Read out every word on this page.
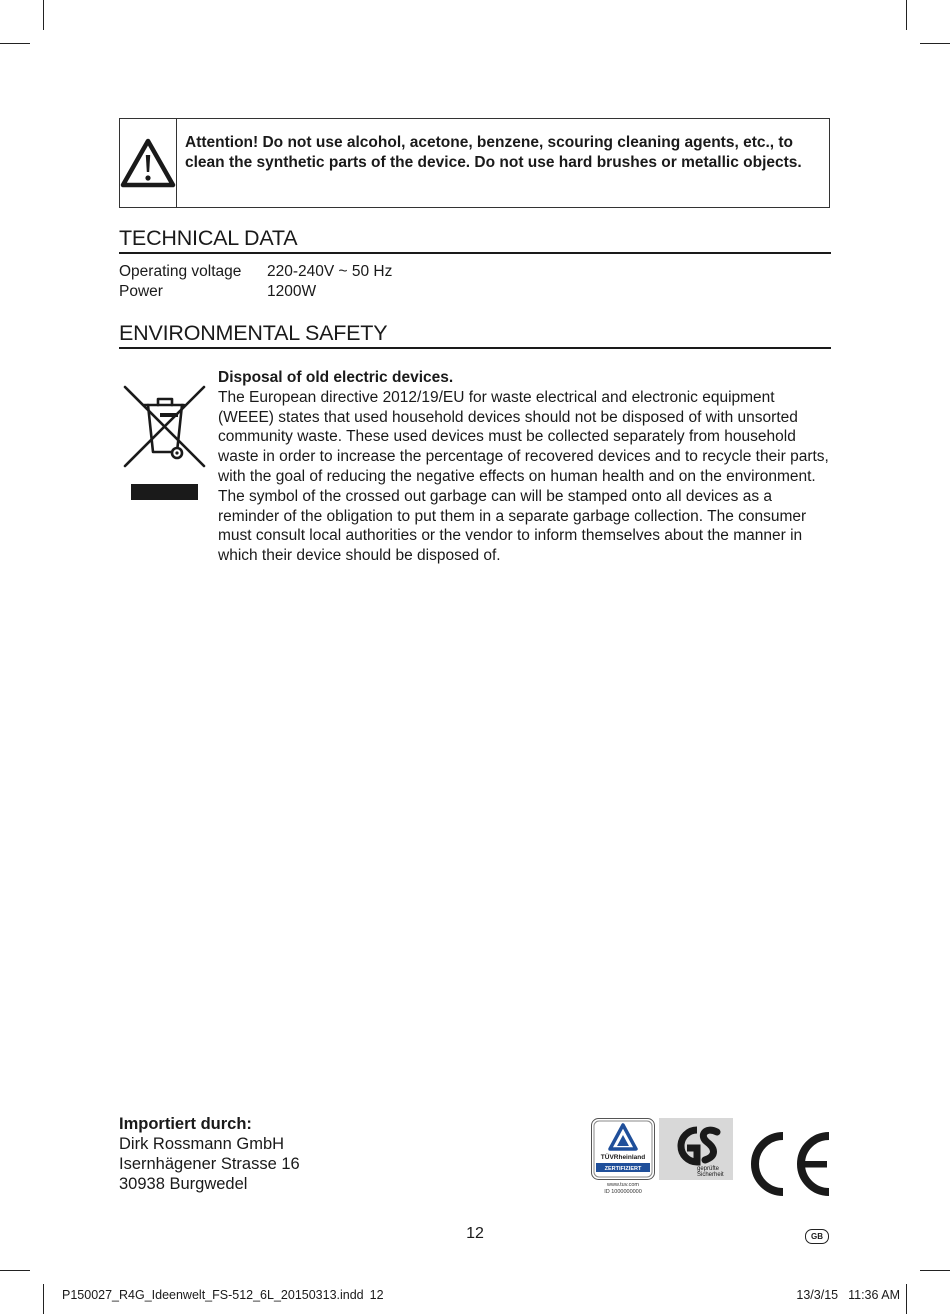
Attention! Do not use alcohol, acetone, benzene, scouring cleaning agents, etc., to clean the synthetic parts of the device. Do not use hard brushes or metallic objects.
TECHNICAL DATA
Operating voltage	220-240V ~ 50 Hz
Power	1200W
ENVIRONMENTAL SAFETY

Disposal of old electric devices.

The European directive 2012/19/EU for waste electrical and electronic equipment (WEEE) states that used household devices should not be disposed of with unsorted community waste. These used devices must be collected separately from household waste in order to increase the percentage of recovered devices and to recycle their parts, with the goal of reducing the negative effects on human health and on the environment.

The symbol of the crossed out garbage can will be stamped onto all devices as a reminder of the obligation to put them in a separate garbage collection. The consumer must consult local authorities or the vendor to inform themselves about the manner in which their device should be disposed of.

Importiert durch:
Dirk Rossmann GmbH
Isernhägener Strasse 16
30938 Burgwedel
TÜVRheinland
ZERTIFIZIERT
www.tuv.com
ID 1000000000
geprüfte
Sicherheit
12	GB
P150027_R4G_Ideenwelt_FS-512_6L_20150313.indd 12	13/3/15 11:36 AM
